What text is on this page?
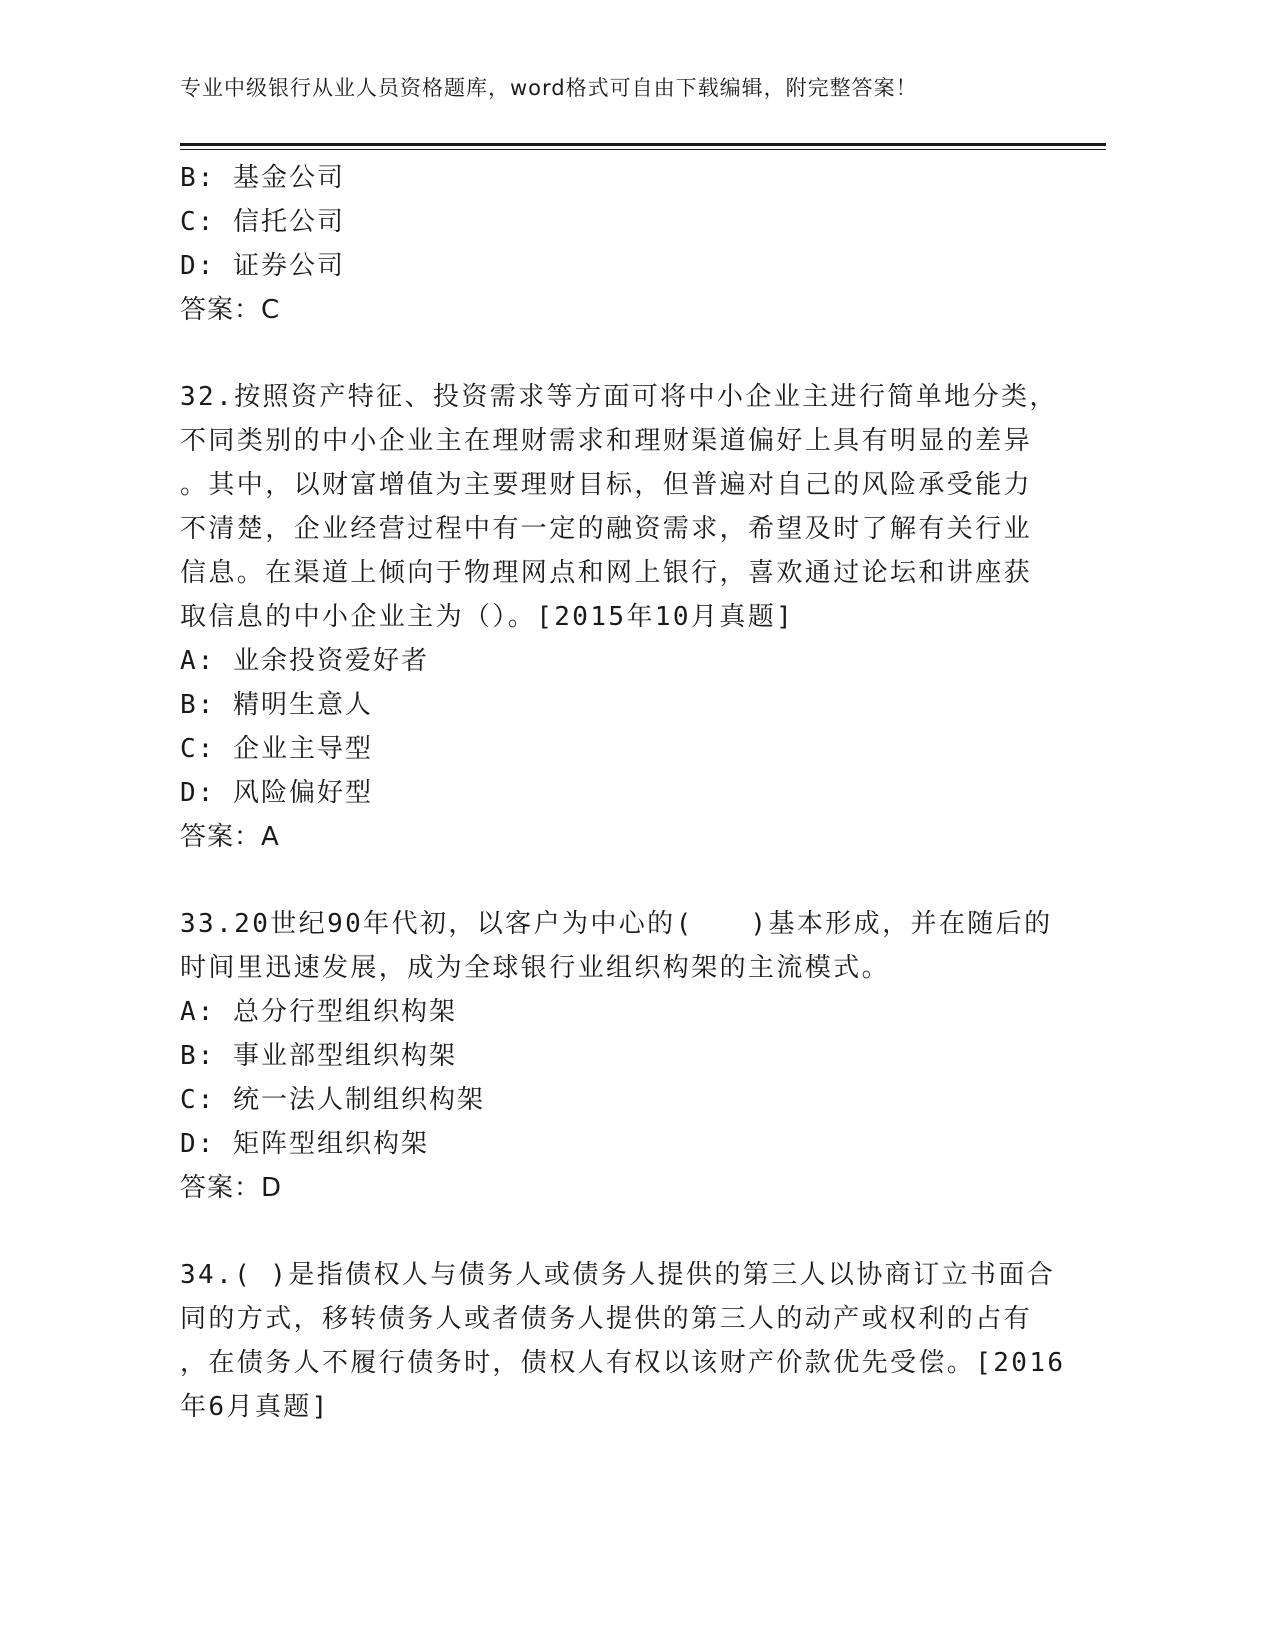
专业中级银行从业人员资格题库，word格式可自由下载编辑，附完整答案！
B: 基金公司
C: 信托公司
D: 证券公司
答案：C
32.按照资产特征、投资需求等方面可将中小企业主进行简单地分类，
不同类别的中小企业主在理财需求和理财渠道偏好上具有明显的差异
。其中，以财富增值为主要理财目标，但普遍对自己的风险承受能力
不清楚，企业经营过程中有一定的融资需求，希望及时了解有关行业
信息。在渠道上倾向于物理网点和网上银行，喜欢通过论坛和讲座获
取信息的中小企业主为（）。[2015年10月真题]
A: 业余投资爱好者
B: 精明生意人
C: 企业主导型
D: 风险偏好型
答案：A
33.20世纪90年代初，以客户为中心的(　　)基本形成，并在随后的
时间里迅速发展，成为全球银行业组织构架的主流模式。
A: 总分行型组织构架
B: 事业部型组织构架
C: 统一法人制组织构架
D: 矩阵型组织构架
答案：D
34.( )是指债权人与债务人或债务人提供的第三人以协商订立书面合
同的方式，移转债务人或者债务人提供的第三人的动产或权利的占有
，在债务人不履行债务时，债权人有权以该财产价款优先受偿。[2016
年6月真题]
